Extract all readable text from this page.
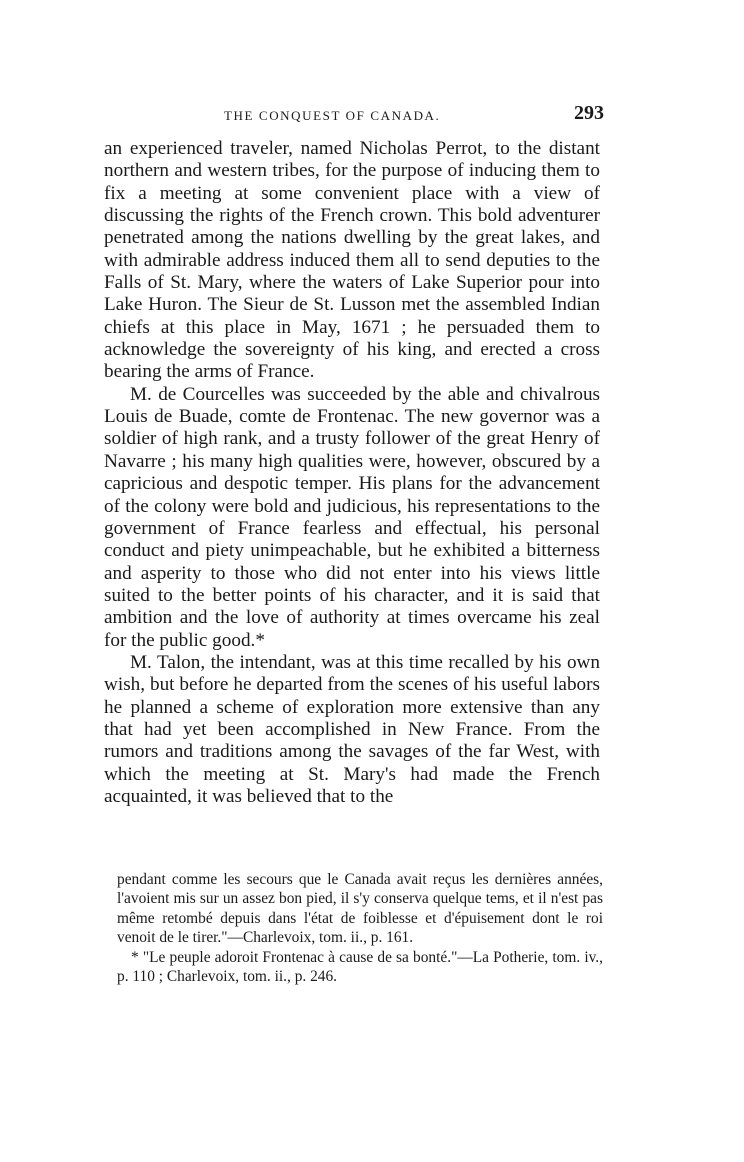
THE CONQUEST OF CANADA.	293

an experienced traveler, named Nicholas Perrot, to the distant northern and western tribes, for the purpose of inducing them to fix a meeting at some convenient place with a view of discussing the rights of the French crown. This bold adventurer penetrated among the nations dwelling by the great lakes, and with admirable address induced them all to send deputies to the Falls of St. Mary, where the waters of Lake Superior pour into Lake Huron. The Sieur de St. Lusson met the assembled Indian chiefs at this place in May, 1671 ; he persuaded them to acknowledge the sovereignty of his king, and erected a cross bearing the arms of France.

M. de Courcelles was succeeded by the able and chivalrous Louis de Buade, comte de Frontenac. The new governor was a soldier of high rank, and a trusty follower of the great Henry of Navarre ; his many high qualities were, however, obscured by a capricious and despotic temper. His plans for the advancement of the colony were bold and judicious, his representations to the government of France fearless and effectual, his personal conduct and piety unimpeachable, but he exhibited a bitterness and asperity to those who did not enter into his views little suited to the better points of his character, and it is said that ambition and the love of authority at times overcame his zeal for the public good.*

M. Talon, the intendant, was at this time recalled by his own wish, but before he departed from the scenes of his useful labors he planned a scheme of exploration more extensive than any that had yet been accomplished in New France. From the rumors and traditions among the savages of the far West, with which the meeting at St. Mary's had made the French acquainted, it was believed that to the

pendant comme les secours que le Canada avait reçus les dernières années, l'avoient mis sur un assez bon pied, il s'y conserva quelque tems, et il n'est pas même retombé depuis dans l'état de foiblesse et d'épuisement dont le roi venoit de le tirer."—Charlevoix, tom. ii., p. 161.

* "Le peuple adoroit Frontenac à cause de sa bonté."—La Potherie, tom. iv., p. 110 ; Charlevoix, tom. ii., p. 246.
